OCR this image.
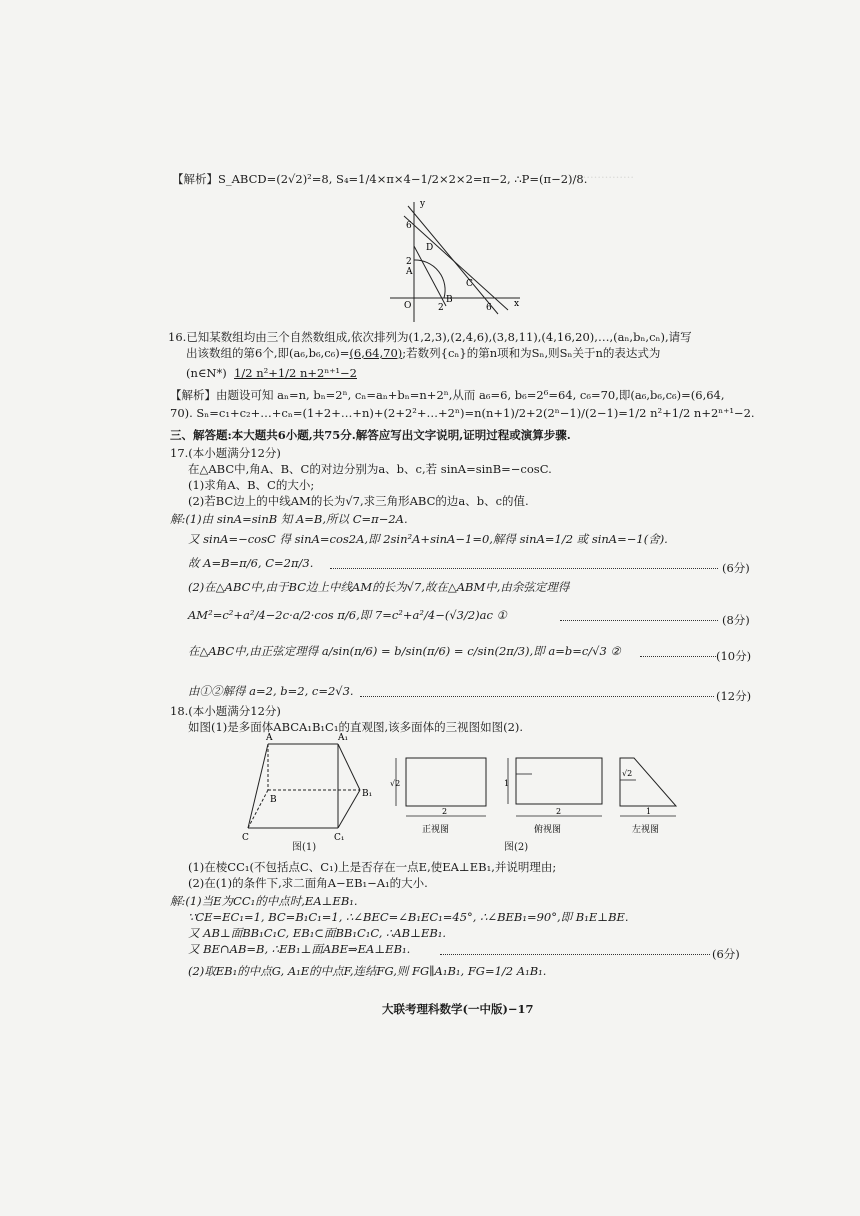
………………
【解析】S_ABCD=(2√2)²=8, S₄=1/4×π×4−1/2×2×2=π−2, ∴P=(π−2)/8.
y
6
D
2
A
C
O	2
B
6 x
16.已知某数组均由三个自然数组成,依次排列为(1,2,3),(2,4,6),(3,8,11),(4,16,20),…,(aₙ,bₙ,cₙ),请写
出该数组的第6个,即(a₆,b₆,c₆)=(6,64,70);若数列{cₙ}的第n项和为Sₙ,则Sₙ关于n的表达式为
(n∈N*) 1/2 n²+1/2 n+2ⁿ⁺¹−2
【解析】由题设可知 aₙ=n, bₙ=2ⁿ, cₙ=aₙ+bₙ=n+2ⁿ,从而 a₆=6, b₆=2⁶=64, c₆=70,即(a₆,b₆,c₆)=(6,64,
70). Sₙ=c₁+c₂+…+cₙ=(1+2+…+n)+(2+2²+…+2ⁿ)=n(n+1)/2+2(2ⁿ−1)/(2−1)=1/2 n²+1/2 n+2ⁿ⁺¹−2.
三、解答题:本大题共6小题,共75分.解答应写出文字说明,证明过程或演算步骤.
17.(本小题满分12分)
在△ABC中,角A、B、C的对边分别为a、b、c,若 sinA=sinB=−cosC.
(1)求角A、B、C的大小;
(2)若BC边上的中线AM的长为√7,求三角形ABC的边a、b、c的值.
解:(1)由 sinA=sinB 知 A=B,所以 C=π−2A.
又 sinA=−cosC 得 sinA=cos2A,即 2sin²A+sinA−1=0,解得 sinA=1/2 或 sinA=−1(舍).
故 A=B=π/6, C=2π/3.	(6分)
(2)在△ABC中,由于BC边上中线AM的长为√7,故在△ABM中,由余弦定理得
AM²=c²+a²/4−2c·a/2·cos π/6,即 7=c²+a²/4−(√3/2)ac ①	(8分)
在△ABC中,由正弦定理得 a/sin(π/6) = b/sin(π/6) = c/sin(2π/3),即 a=b=c/√3 ②	(10分)
由①②解得 a=2, b=2, c=2√3.	(12分)
18.(本小题满分12分)
如图(1)是多面体ABCA₁B₁C₁的直观图,该多面体的三视图如图(2).
A	A₁
B
B₁
C	C₁
图(1)
√2
2
正视图
1
2
俯视图
√2
1
左视图
图(2)
(1)在棱CC₁(不包括点C、C₁)上是否存在一点E,使EA⊥EB₁,并说明理由;
(2)在(1)的条件下,求二面角A−EB₁−A₁的大小.
解:(1)当E为CC₁的中点时,EA⊥EB₁.
∵CE=EC₁=1, BC=B₁C₁=1, ∴∠BEC=∠B₁EC₁=45°, ∴∠BEB₁=90°,即 B₁E⊥BE.
又 AB⊥面BB₁C₁C, EB₁⊂面BB₁C₁C, ∴AB⊥EB₁.
又 BE∩AB=B, ∴EB₁⊥面ABE⇒EA⊥EB₁.	(6分)
(2)取EB₁的中点G, A₁E的中点F,连结FG,则 FG∥A₁B₁, FG=1/2 A₁B₁.
大联考理科数学(一中版)−17
